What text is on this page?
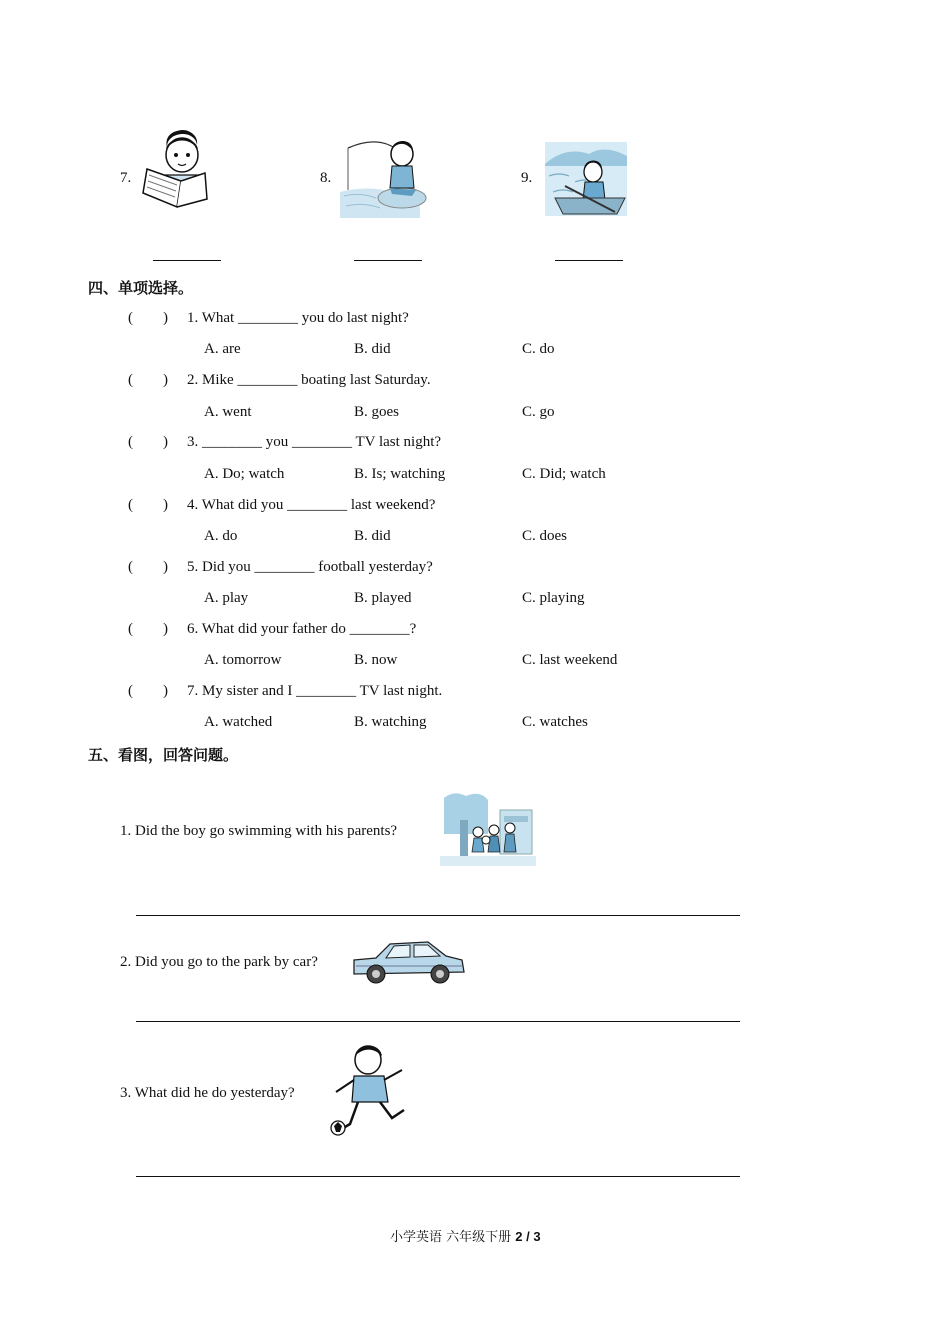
7.	8.	9.
四、单项选择。
(　　) 1. What ________ you do last night?
A. are	B. did	C. do
(　　) 2. Mike ________ boating last Saturday.
A. went	B. goes	C. go
(　　) 3. ________ you ________ TV last night?
A. Do; watch	B. Is; watching	C. Did; watch
(　　) 4. What did you ________ last weekend?
A. do	B. did	C. does
(　　) 5. Did you ________ football yesterday?
A. play	B. played	C. playing
(　　) 6. What did your father do ________?
A. tomorrow	B. now	C. last weekend
(　　) 7. My sister and I ________ TV last night.
A. watched	B. watching	C. watches
五、看图，回答问题。
1. Did the boy go swimming with his parents?
2. Did you go to the park by car?
3. What did he do yesterday?
小学英语 六年级下册 2 / 3
